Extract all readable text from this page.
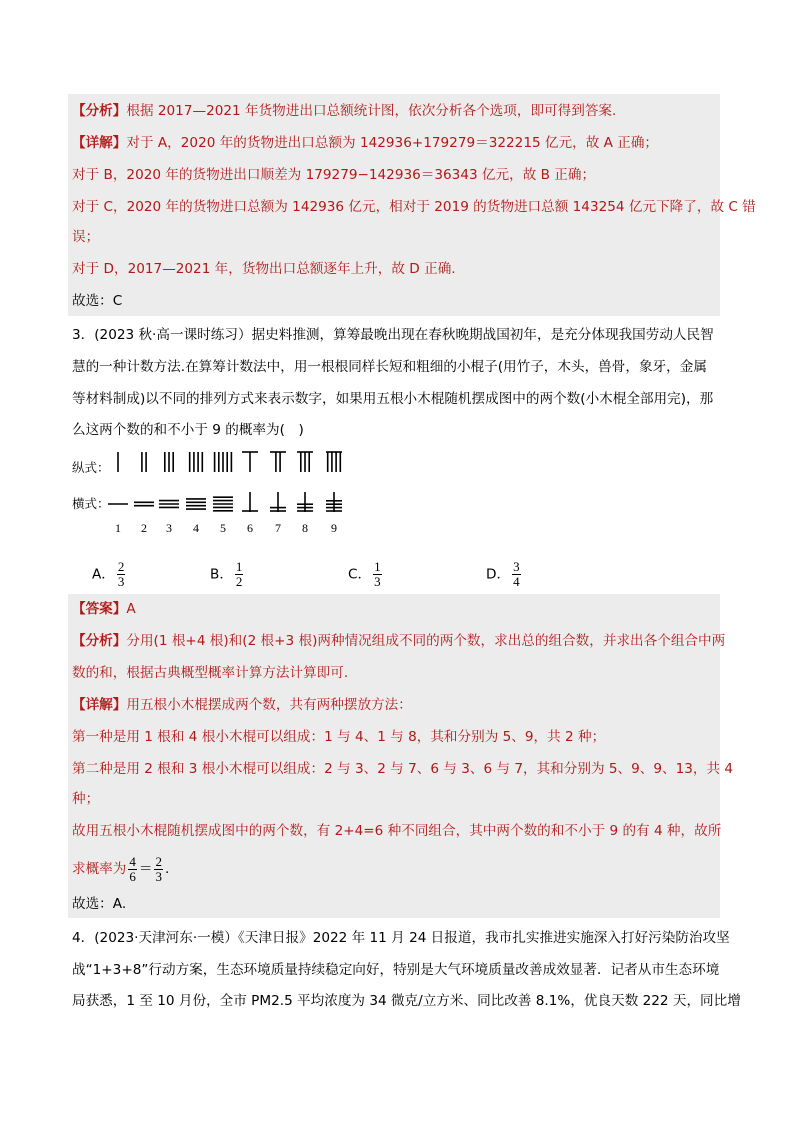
【分析】根据 2017—2021 年货物进出口总额统计图，依次分析各个选项，即可得到答案.
【详解】对于 A，2020 年的货物进出口总额为 142936+179279＝322215 亿元，故 A 正确；
对于 B，2020 年的货物进出口顺差为 179279−142936＝36343 亿元，故 B 正确；
对于 C，2020 年的货物进口总额为 142936 亿元，相对于 2019 的货物进口总额 143254 亿元下降了，故 C 错
误；
对于 D，2017—2021 年，货物出口总额逐年上升，故 D 正确.
故选：C
3．(2023 秋·高一课时练习）据史料推测，算筹最晚出现在春秋晚期战国初年，是充分体现我国劳动人民智
慧的一种计数方法.在算筹计数法中，用一根根同样长短和粗细的小棍子(用竹子，木头，兽骨，象牙，金属
等材料制成)以不同的排列方式来表示数字，如果用五根小木棍随机摆成图中的两个数(小木棍全部用完)，那
么这两个数的和不小于 9 的概率为(　)
纵式：
横式：
1 2 3 4 5 6 7 8 9
A． $\frac{2}{3}$	B． $\frac{1}{2}$	C． $\frac{1}{3}$	D． $\frac{3}{4}$
【答案】A
【分析】分用(1 根+4 根)和(2 根+3 根)两种情况组成不同的两个数，求出总的组合数，并求出各个组合中两
数的和，根据古典概型概率计算方法计算即可.
【详解】用五根小木棍摆成两个数，共有两种摆放方法：
第一种是用 1 根和 4 根小木棍可以组成：1 与 4、1 与 8，其和分别为 5、9，共 2 种；
第二种是用 2 根和 3 根小木棍可以组成：2 与 3、2 与 7、6 与 3、6 与 7，其和分别为 5、9、9、13，共 4
种；
故用五根小木棍随机摆成图中的两个数，有 2+4=6 种不同组合，其中两个数的和不小于 9 的有 4 种，故所
求概率为 $\frac{4}{6} = \frac{2}{3}$ .
故选：A.
4．(2023·天津河东·一模）《天津日报》2022 年 11 月 24 日报道，我市扎实推进实施深入打好污染防治攻坚
战“1+3+8”行动方案，生态环境质量持续稳定向好，特别是大气环境质量改善成效显著．记者从市生态环境
局获悉，1 至 10 月份，全市 PM2.5 平均浓度为 34 微克/立方米、同比改善 8.1%，优良天数 222 天，同比增
